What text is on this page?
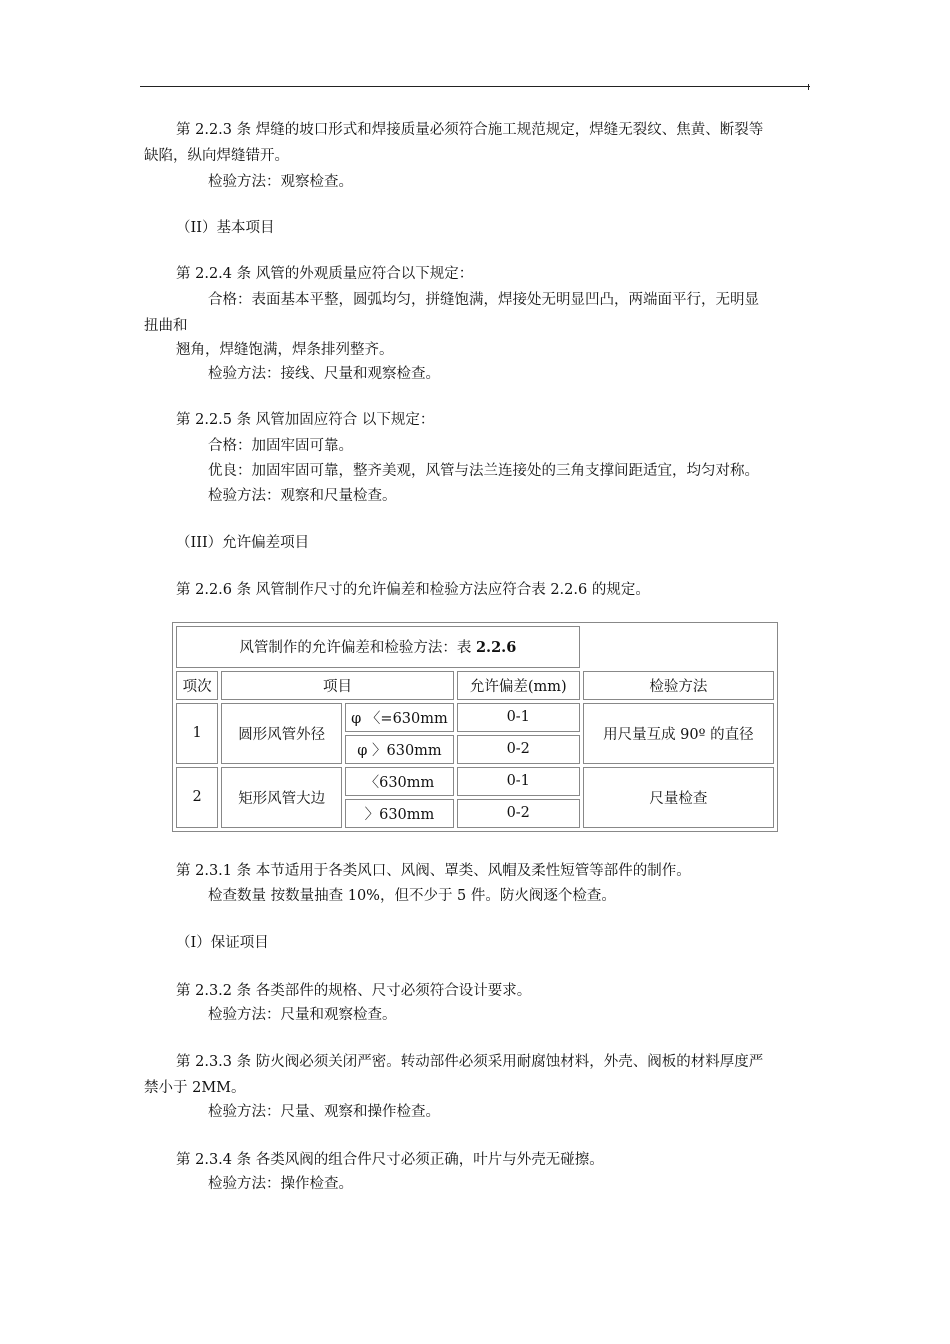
第 2.2.3 条 焊缝的坡口形式和焊接质量必须符合施工规范规定，焊缝无裂纹、焦黄、断裂等
缺陷，纵向焊缝错开。
检验方法：观察检查。
（II）基本项目
第 2.2.4 条 风管的外观质量应符合以下规定：
合格：表面基本平整，圆弧均匀，拼缝饱满，焊接处无明显凹凸，两端面平行，无明显
扭曲和
翘角，焊缝饱满，焊条排列整齐。
检验方法：接线、尺量和观察检查。
第 2.2.5 条 风管加固应符合 以下规定：
合格：加固牢固可靠。
优良：加固牢固可靠，整齐美观，风管与法兰连接处的三角支撑间距适宜，均匀对称。
检验方法：观察和尺量检查。
（III）允许偏差项目
第 2.2.6 条 风管制作尺寸的允许偏差和检验方法应符合表 2.2.6 的规定。
风管制作的允许偏差和检验方法：表 2.2.6				
项次	项目		允许偏差(mm)	检验方法
1	圆形风管外径	φ 〈=630mm	0-1	用尺量互成 90º 的直径
		φ 〉630mm	0-2	
2	矩形风管大边	〈630mm	0-1	尺量检查
		〉630mm	0-2	
第 2.3.1 条 本节适用于各类风口、风阀、罩类、风帽及柔性短管等部件的制作。
检查数量 按数量抽查 10%，但不少于 5 件。防火阀逐个检查。
（I）保证项目
第 2.3.2 条 各类部件的规格、尺寸必须符合设计要求。
检验方法：尺量和观察检查。
第 2.3.3 条 防火阀必须关闭严密。转动部件必须采用耐腐蚀材料，外壳、阀板的材料厚度严
禁小于 2MM。
检验方法：尺量、观察和操作检查。
第 2.3.4 条 各类风阀的组合件尺寸必须正确，叶片与外壳无碰擦。
检验方法：操作检查。
